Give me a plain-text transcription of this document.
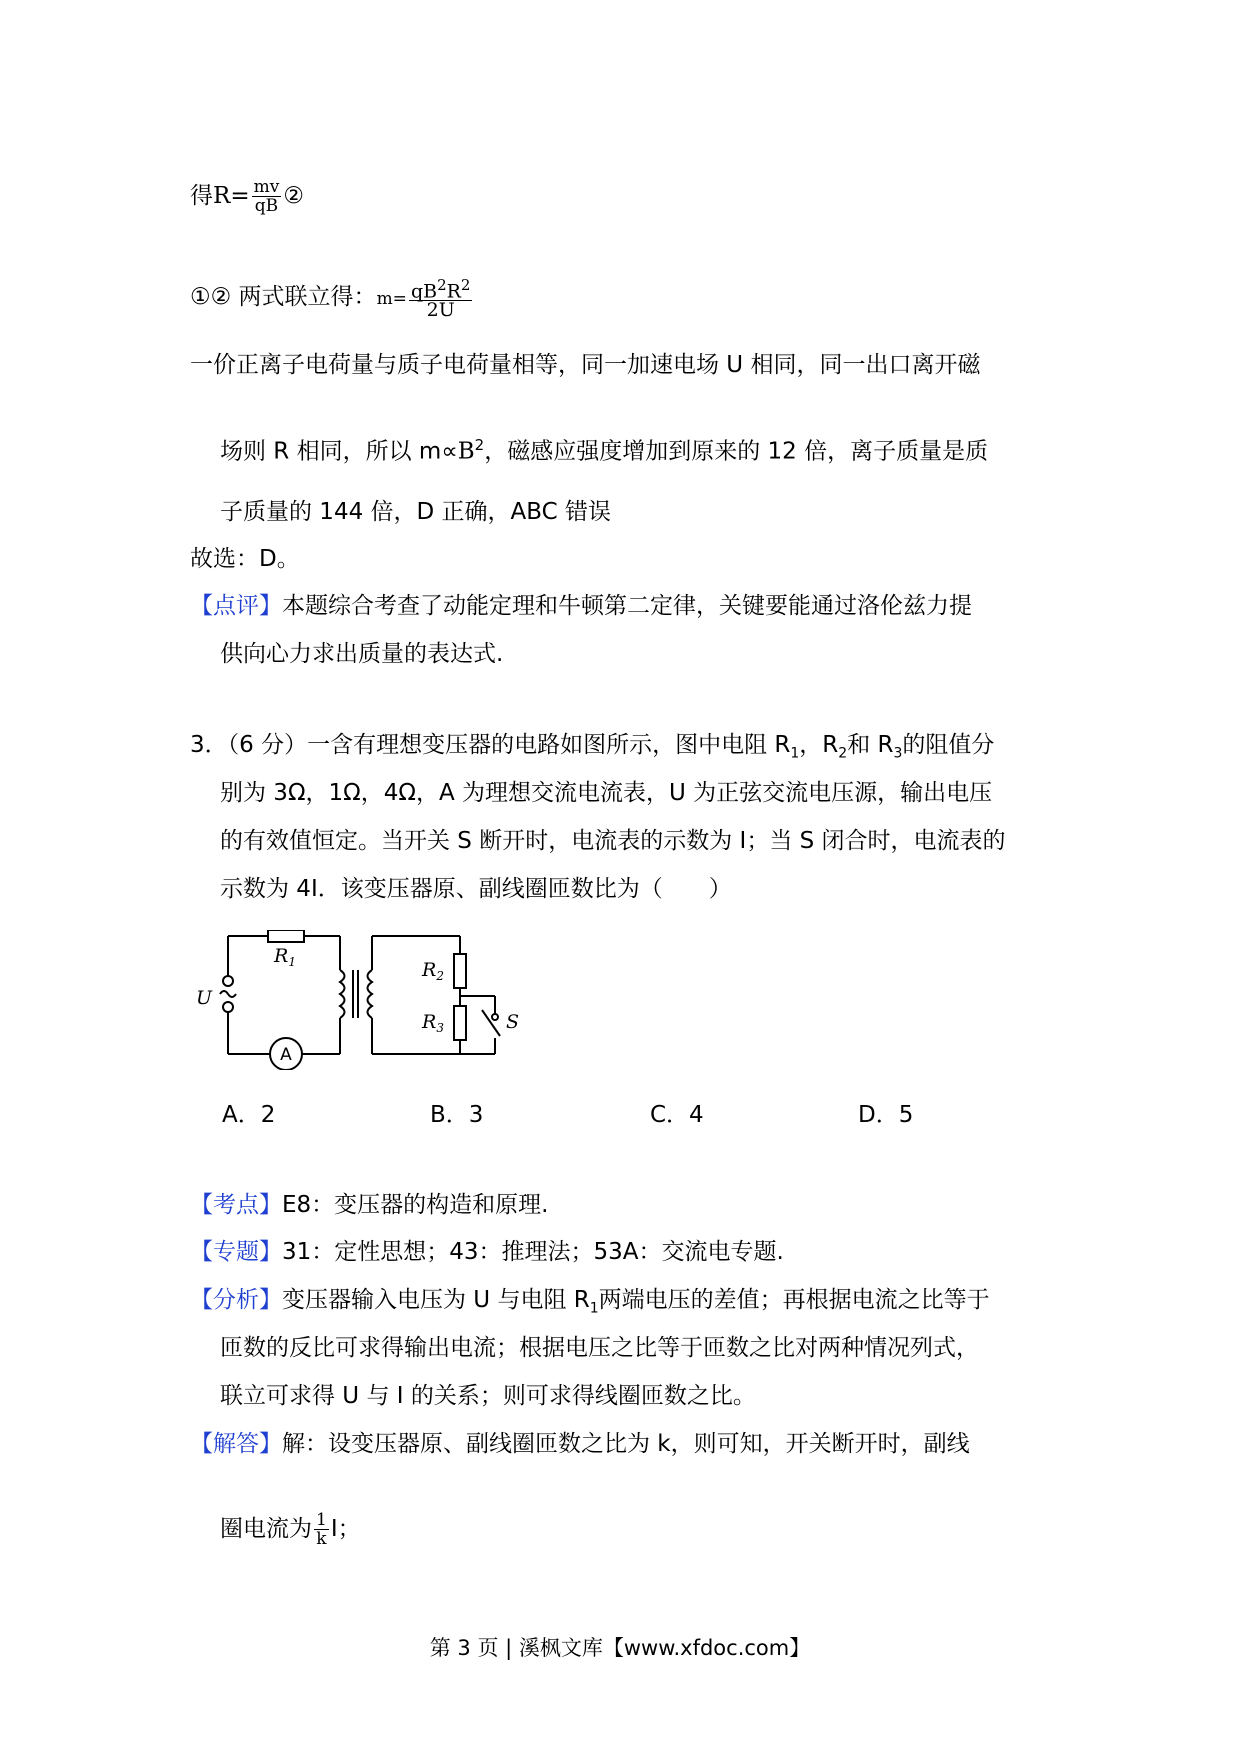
得$R= \frac{mv}{qB}$ ②
①② 两式联立得：$m= \frac{qB^2R^2}{2U}$
一价正离子电荷量与质子电荷量相等，同一加速电场 U 相同，同一出口离开磁
场则 R 相同，所以 $m\propto B^2$，磁感应强度增加到原来的 12 倍，离子质量是质
子质量的 144 倍，D 正确，ABC 错误
故选：D。
【点评】本题综合考查了动能定理和牛顿第二定律，关键要能通过洛伦兹力提
供向心力求出质量的表达式.
3．（6 分）一含有理想变压器的电路如图所示，图中电阻 $R_1$，$R_2$和 $R_3$的阻值分
别为 3Ω，1Ω，4Ω，A 为理想交流电流表，U 为正弦交流电压源，输出电压
的有效值恒定。当开关 S 断开时，电流表的示数为 I；当 S 闭合时，电流表的
示数为 4I．该变压器原、副线圈匝数比为（　　）
$R_1$	$R_2$
$R_3$
U
S
A
A．2	B．3	C．4	D．5
【考点】E8：变压器的构造和原理.
【专题】31：定性思想；43：推理法；53A：交流电专题.
【分析】变压器输入电压为 U 与电阻 $R_1$两端电压的差值；再根据电流之比等于
匝数的反比可求得输出电流；根据电压之比等于匝数之比对两种情况列式，
联立可求得 U 与 I 的关系；则可求得线圈匝数之比。
【解答】解：设变压器原、副线圈匝数之比为 k，则可知，开关断开时，副线
圈电流为 $\frac{1}{k}$ I；
第 3 页 | 溪枫文库【www.xfdoc.com】
